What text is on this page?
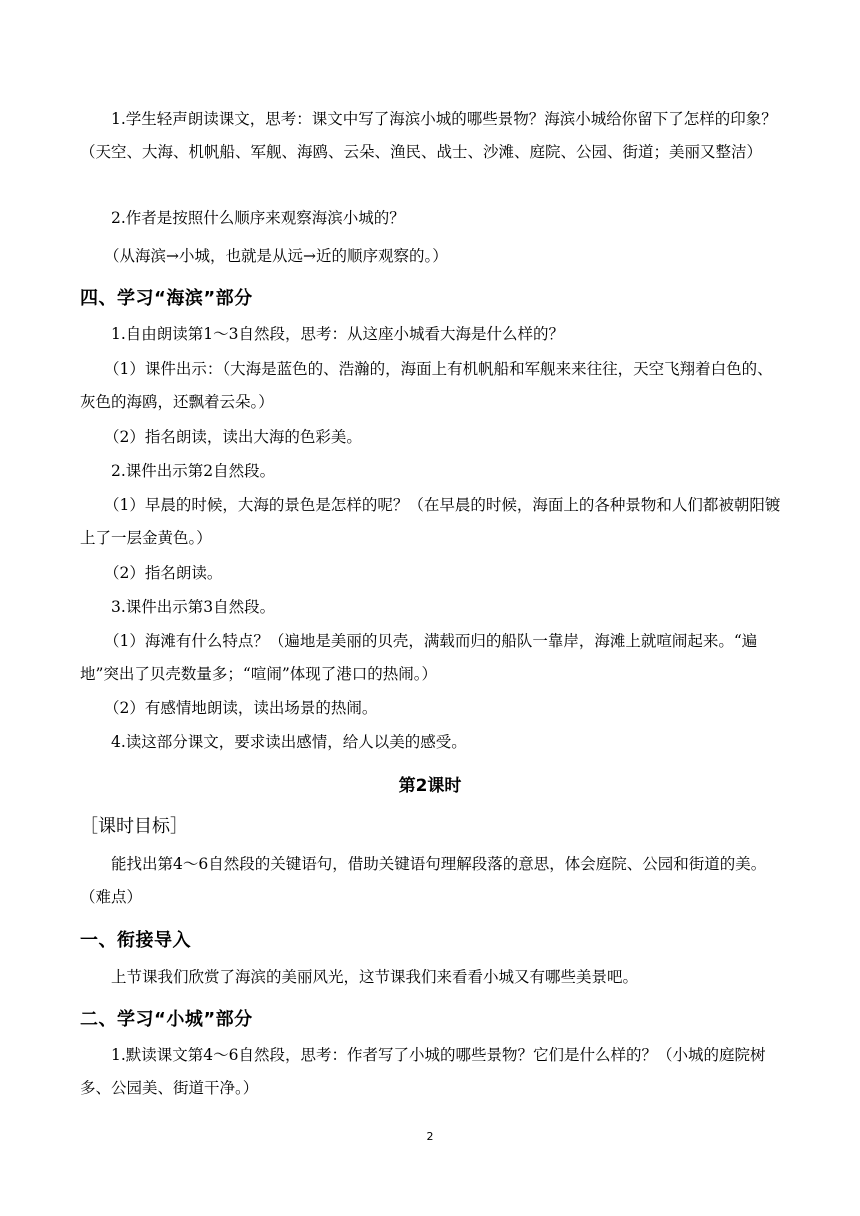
1.学生轻声朗读课文，思考：课文中写了海滨小城的哪些景物？海滨小城给你留下了怎样的印象？（天空、大海、机帆船、军舰、海鸥、云朵、渔民、战士、沙滩、庭院、公园、街道；美丽又整洁）

2.作者是按照什么顺序来观察海滨小城的？

（从海滨→小城，也就是从远→近的顺序观察的。）

四、学习“海滨”部分

1.自由朗读第1～3自然段，思考：从这座小城看大海是什么样的？

（1）课件出示：（大海是蓝色的、浩瀚的，海面上有机帆船和军舰来来往往，天空飞翔着白色的、灰色的海鸥，还飘着云朵。）

（2）指名朗读，读出大海的色彩美。

2.课件出示第2自然段。

（1）早晨的时候，大海的景色是怎样的呢？（在早晨的时候，海面上的各种景物和人们都被朝阳镀上了一层金黄色。）

（2）指名朗读。

3.课件出示第3自然段。

（1）海滩有什么特点？（遍地是美丽的贝壳，满载而归的船队一靠岸，海滩上就喧闹起来。“遍地”突出了贝壳数量多；“喧闹”体现了港口的热闹。）

（2）有感情地朗读，读出场景的热闹。

4.读这部分课文，要求读出感情，给人以美的感受。

第2课时

［课时目标］

能找出第4～6自然段的关键语句，借助关键语句理解段落的意思，体会庭院、公园和街道的美。（难点）

一、衔接导入

上节课我们欣赏了海滨的美丽风光，这节课我们来看看小城又有哪些美景吧。

二、学习“小城”部分

1.默读课文第4～6自然段，思考：作者写了小城的哪些景物？它们是什么样的？（小城的庭院树多、公园美、街道干净。）

2
